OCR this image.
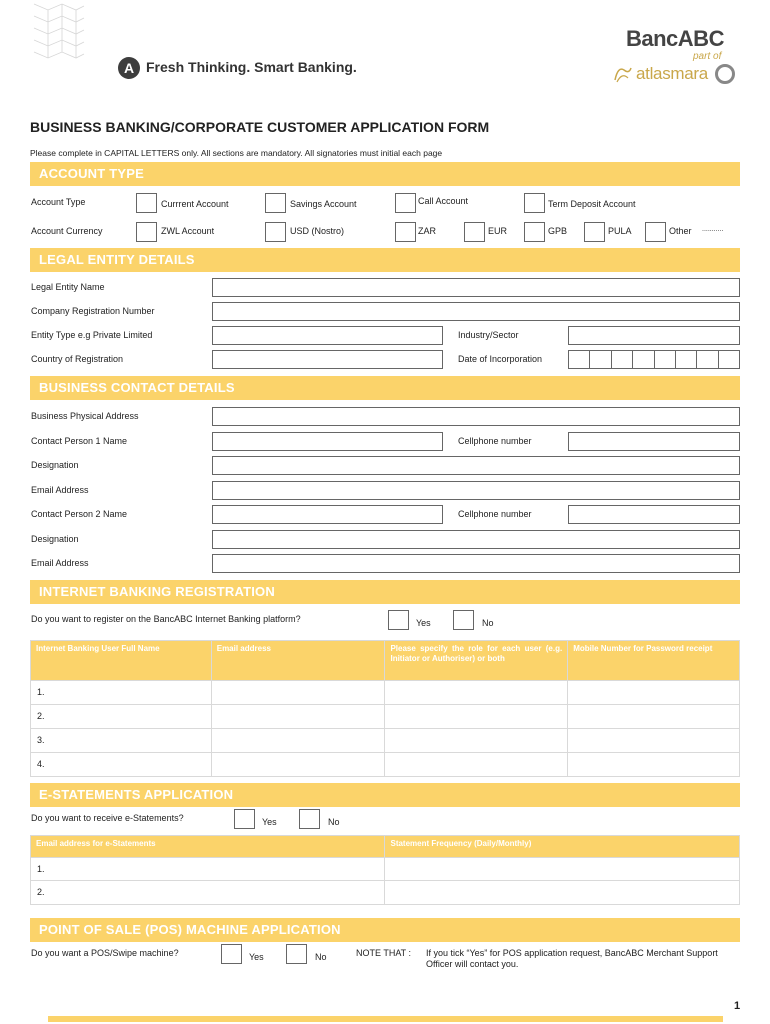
A Fresh Thinking. Smart Banking.
BancABC
part of
atlasmara
BUSINESS BANKING/CORPORATE CUSTOMER APPLICATION FORM
Please complete in CAPITAL LETTERS only. All sections are mandatory. All signatories must initial each page
ACCOUNT TYPE
Account Type	Currrent Account	Savings Account	Call Account	Term Deposit Account
Account Currency	ZWL Account	USD (Nostro)	ZAR	EUR	GPB	PULA	Other ...........
LEGAL ENTITY DETAILS
Legal Entity Name
Company Registration Number
Entity Type e.g Private Limited	Industry/Sector
Country of Registration	Date of Incorporation
BUSINESS CONTACT DETAILS
Business Physical Address
Contact Person 1 Name	Cellphone number
Designation
Email Address
Contact Person 2 Name	Cellphone number
Designation
Email Address
INTERNET BANKING REGISTRATION
Do you want to register on the BancABC Internet Banking platform?	Yes	No
Internet Banking User Full Name	Email address	Please specify the role for each user (e.g. Initiator or Authoriser) or both	Mobile Number for Password receipt
1.			
2.			
3.			
4.			
E-STATEMENTS APPLICATION
Do you want to receive e-Statements?	Yes	No
Email address for e-Statements	Statement Frequency (Daily/Monthly)
1.	
2.	
POINT OF SALE (POS) MACHINE APPLICATION
Do you want a POS/Swipe machine?	Yes	No	NOTE THAT : If you tick “Yes” for POS application request, BancABC Merchant Support Officer will contact you.
1
